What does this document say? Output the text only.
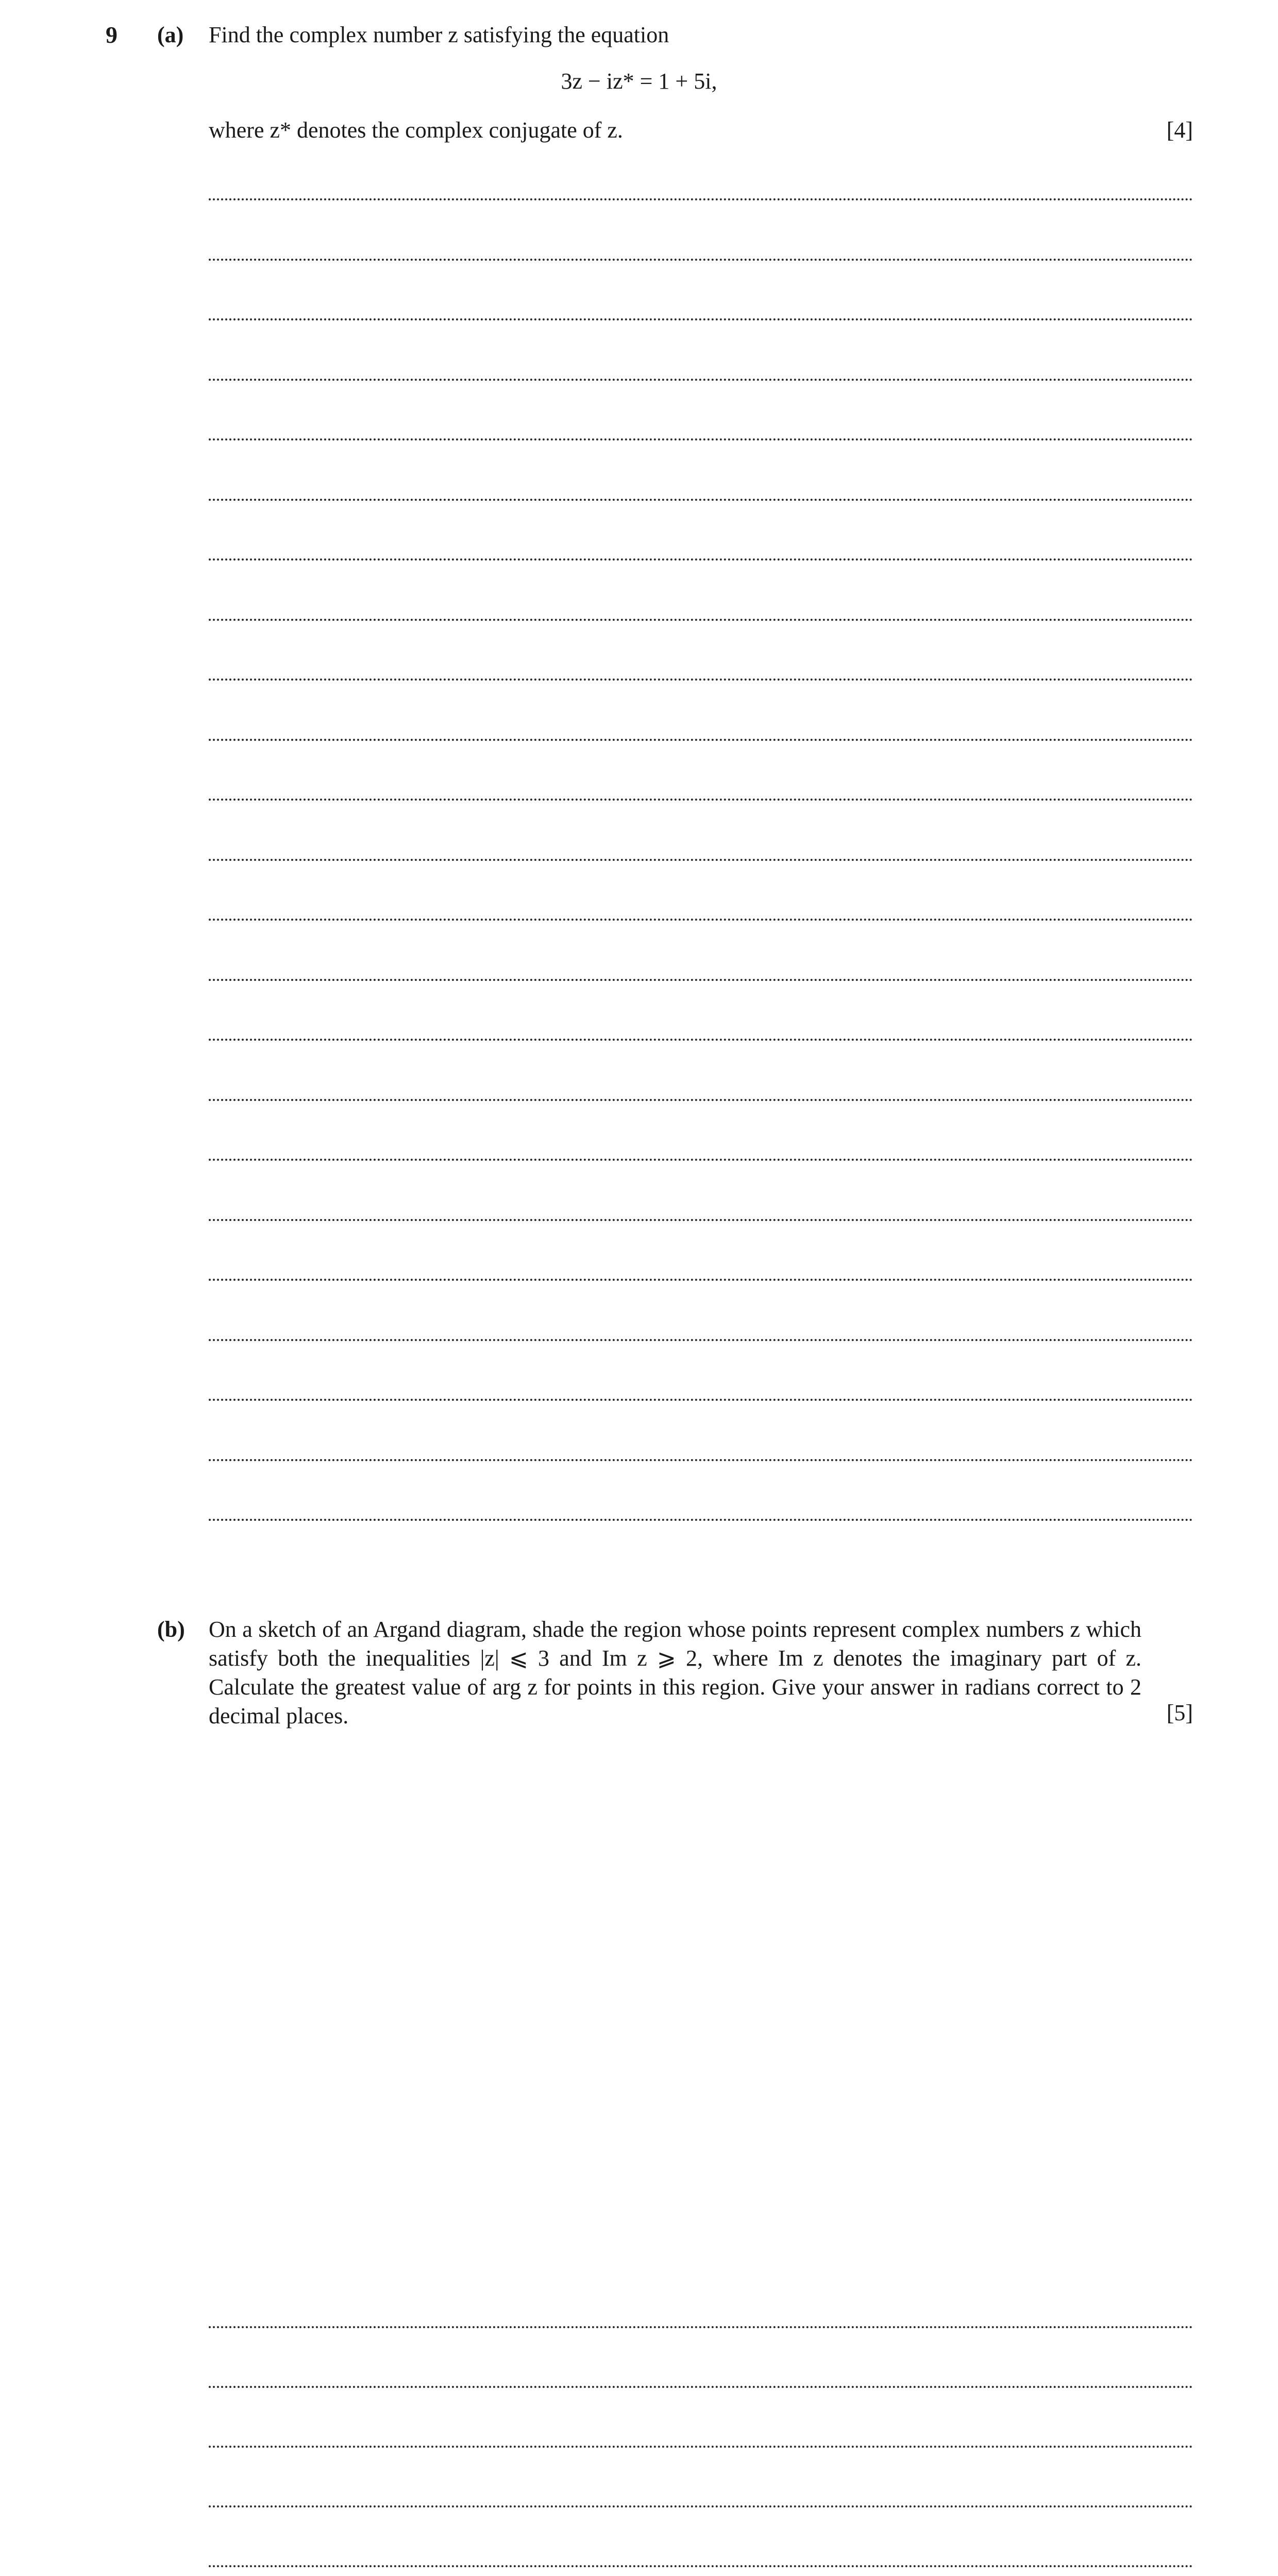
9 (a) Find the complex number z satisfying the equation
3z − iz* = 1 + 5i,
where z* denotes the complex conjugate of z.	[4]
(b) On a sketch of an Argand diagram, shade the region whose points represent complex numbers z which satisfy both the inequalities |z| ⩽ 3 and Im z ⩾ 2, where Im z denotes the imaginary part of z. Calculate the greatest value of arg z for points in this region. Give your answer in radians correct to 2 decimal places.	[5]
